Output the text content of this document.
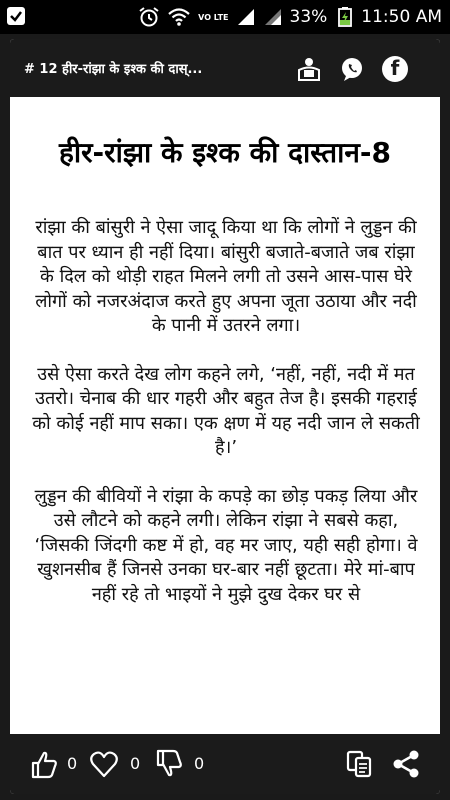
VO LTE	33% 11:50 AM
# 12 हीर-रांझा के इश्क की दास्...	f
हीर-रांझा के इश्क की दास्तान-8

रांझा की बांसुरी ने ऐसा जादू किया था कि लोगों ने लुड्डन की बात पर ध्यान ही नहीं दिया। बांसुरी बजाते-बजाते जब रांझा के दिल को थोड़ी राहत मिलने लगी तो उसने आस-पास घेरे लोगों को नजरअंदाज करते हुए अपना जूता उठाया और नदी के पानी में उतरने लगा।

उसे ऐसा करते देख लोग कहने लगे, ‘नहीं, नहीं, नदी में मत उतरो। चेनाब की धार गहरी और बहुत तेज है। इसकी गहराई को कोई नहीं माप सका। एक क्षण में यह नदी जान ले सकती है।’

लुड्डन की बीवियों ने रांझा के कपड़े का छोड़ पकड़ लिया और उसे लौटने को कहने लगी। लेकिन रांझा ने सबसे कहा, ‘जिसकी जिंदगी कष्ट में हो, वह मर जाए, यही सही होगा। वे खुशनसीब हैं जिनसे उनका घर-बार नहीं छूटता। मेरे मां-बाप नहीं रहे तो भाइयों ने मुझे दुख देकर घर से

0	0	0
